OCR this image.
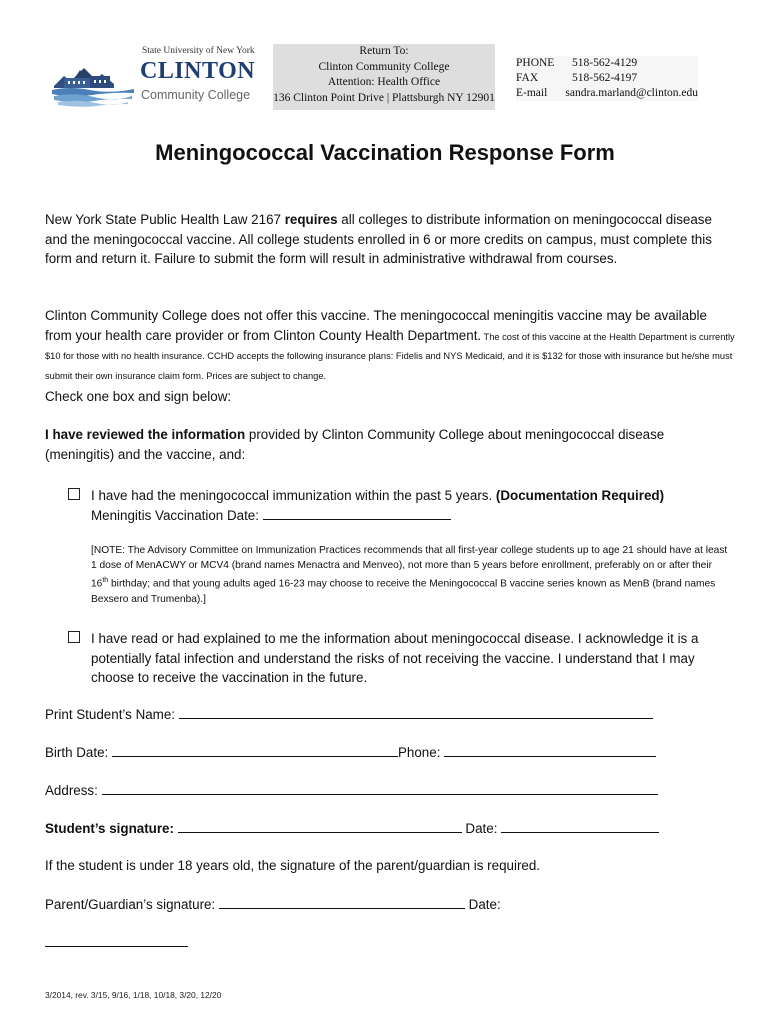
State University of New York
CLINTON
Community College
Return To:
Clinton Community College
Attention: Health Office
136 Clinton Point Drive | Plattsburgh NY 12901
PHONE	518-562-4129
FAX	518-562-4197
E-mail	sandra.marland@clinton.edu
Meningococcal Vaccination Response Form
New York State Public Health Law 2167 requires all colleges to distribute information on meningococcal disease and the meningococcal vaccine. All college students enrolled in 6 or more credits on campus, must complete this form and return it. Failure to submit the form will result in administrative withdrawal from courses.
Clinton Community College does not offer this vaccine. The meningococcal meningitis vaccine may be available from your health care provider or from Clinton County Health Department. The cost of this vaccine at the Health Department is currently $10 for those with no health insurance. CCHD accepts the following insurance plans: Fidelis and NYS Medicaid, and it is $132 for those with insurance but he/she must submit their own insurance claim form. Prices are subject to change.
Check one box and sign below:
I have reviewed the information provided by Clinton Community College about meningococcal disease (meningitis) and the vaccine, and:
I have had the meningococcal immunization within the past 5 years. (Documentation Required)
Meningitis Vaccination Date:
[NOTE: The Advisory Committee on Immunization Practices recommends that all first-year college students up to age 21 should have at least 1 dose of MenACWY or MCV4 (brand names Menactra and Menveo), not more than 5 years before enrollment, preferably on or after their 16th birthday; and that young adults aged 16-23 may choose to receive the Meningococcal B vaccine series known as MenB (brand names Bexsero and Trumenba).]
I have read or had explained to me the information about meningococcal disease. I acknowledge it is a potentially fatal infection and understand the risks of not receiving the vaccine. I understand that I may choose to receive the vaccination in the future.
Print Student’s Name:
Birth Date:	Phone:
Address:
Student’s signature:	Date:
If the student is under 18 years old, the signature of the parent/guardian is required.
Parent/Guardian’s signature:	Date:
3/2014, rev. 3/15, 9/16, 1/18, 10/18, 3/20, 12/20
